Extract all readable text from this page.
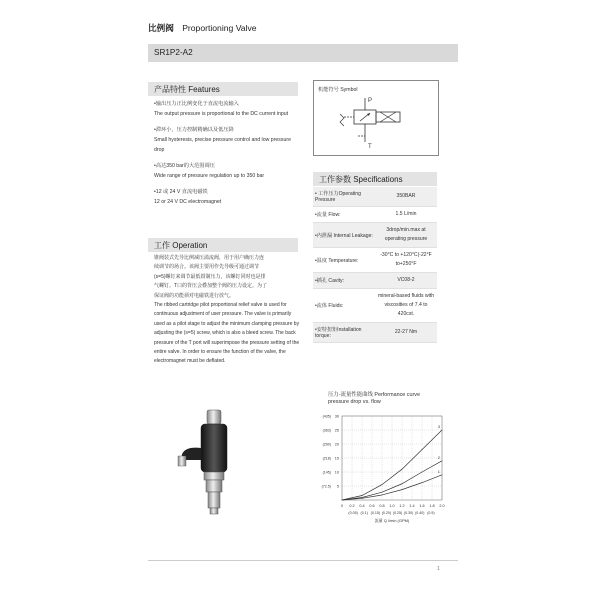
比例阀 Proportioning Valve
SR1P2-A2
产品特性 Features

•输出压力正比例变化于直流电流输入
The output pressure is proportional to the DC current input

•滞环小，压力控制精确以及低压降
Small hysteresis, precise pressure control and low pressure drop

•高达350 bar的大范围调压
Wide range of pressure regulation up to 350 bar

•12 或 24 V 直流电磁铁
12 or 24 V DC electromagnet

工作 Operation

锥阀装式先导比例减压溢流阀，用于用户确压力连

续调节的场合。该阀主要用作先导级可通过调节

(s=5)螺钉来调节最低钳制压力，该螺钉同时也是排

气螺钉。T口的背压会叠加整个阀的压力设定。为了

保证阀的功能须对电磁铁进行放气。

The ribbed cartridge pilot proportional relief valve is used for continuous adjustment of user pressure. The valve is primarily used as a pilot stage to adjust the minimum clamping pressure by adjusting the (s=5) screw, which is also a bleed screw. The back pressure of the T port will superimpose the pressure setting of the entire valve. In order to ensure the function of the valve, the electromagnet must be deflated.

机能符号 Symbol
P
T
工作参数 Specifications
• 工作压力Operating Pressure	350BAR
•流量 Flow:	1.5 L/min
•内泄漏 Internal Leakage:	3drop/min.max at operating pressure
•温度 Temperature:	-30°C to +120°C(-22°F to+250°F
•插孔 Cavity:	VC08-2
•流体 Fluids:	mineral-based fluids with viscosities of 7.4 to 420cst.
•安特扭矩Installation torque:	22-27 Nm
压力-流量性能曲线 Performance curve
pressure drop vs. flow
0 0.2 0.4 0.6 0.8 1.0 1.2 1.4 1.6 1.8 2.0
(0.05) (0.1) (0.15) (0.20) (0.25) (0.30) (0.40) (0.5)
5
(72.5)
10
(145)
15
(218)
20
(290)
25
(363)
30
(435)
1
2
3
流量 Q l/min (GPM)
1
